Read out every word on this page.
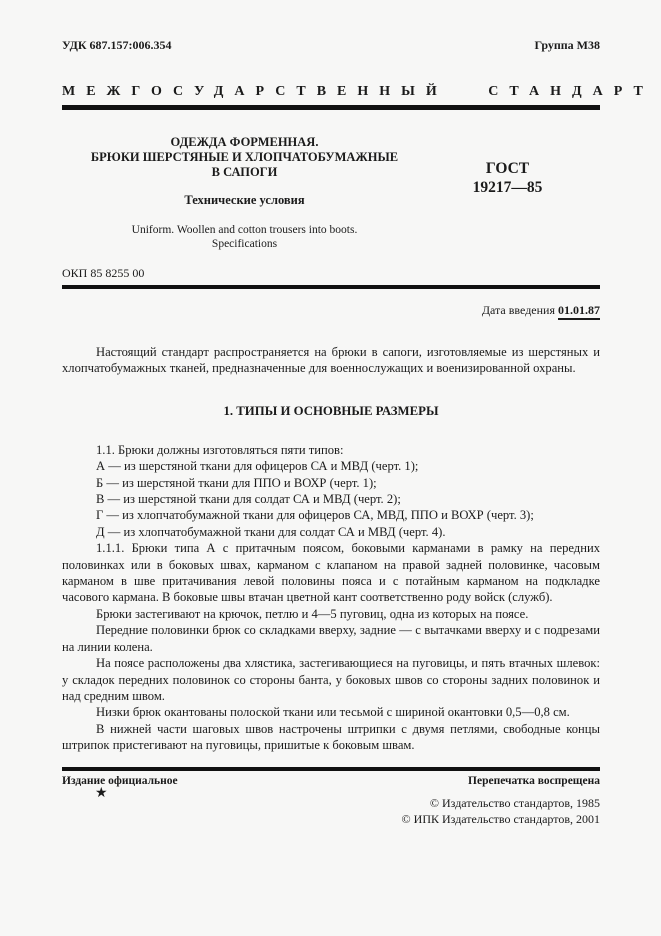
УДК 687.157:006.354	Группа М38
МЕЖГОСУДАРСТВЕННЫЙ СТАНДАРТ
ОДЕЖДА ФОРМЕННАЯ.
БРЮКИ ШЕРСТЯНЫЕ И ХЛОПЧАТОБУМАЖНЫЕ
В САПОГИ
Технические условия
Uniform. Woollen and cotton trousers into boots.
Specifications
ГОСТ
19217—85
ОКП 85 8255 00
Дата введения 01.01.87

Настоящий стандарт распространяется на брюки в сапоги, изготовляемые из шерстяных и хлопчатобумажных тканей, предназначенные для военнослужащих и военизированной охраны.

1. ТИПЫ И ОСНОВНЫЕ РАЗМЕРЫ

1.1. Брюки должны изготовляться пяти типов:

А — из шерстяной ткани для офицеров СА и МВД (черт. 1);

Б — из шерстяной ткани для ППО и ВОХР (черт. 1);

В — из шерстяной ткани для солдат СА и МВД (черт. 2);

Г — из хлопчатобумажной ткани для офицеров СА, МВД, ППО и ВОХР (черт. 3);

Д — из хлопчатобумажной ткани для солдат СА и МВД (черт. 4).

1.1.1. Брюки типа А с притачным поясом, боковыми карманами в рамку на передних половинках или в боковых швах, карманом с клапаном на правой задней половинке, часовым карманом в шве притачивания левой половины пояса и с потайным карманом на подкладке часового кармана. В боковые швы втачан цветной кант соответственно роду войск (служб).

Брюки застегивают на крючок, петлю и 4—5 пуговиц, одна из которых на поясе.

Передние половинки брюк со складками вверху, задние — с вытачками вверху и с подрезами на линии колена.

На поясе расположены два хлястика, застегивающиеся на пуговицы, и пять втачных шлевок: у складок передних половинок со стороны банта, у боковых швов со стороны задних половинок и над средним швом.

Низки брюк окантованы полоской ткани или тесьмой с шириной окантовки 0,5—0,8 см.

В нижней части шаговых швов настрочены штрипки с двумя петлями, свободные концы штрипок пристегивают на пуговицы, пришитые к боковым швам.

Издание официальное	Перепечатка воспрещена
★
© Издательство стандартов, 1985
© ИПК Издательство стандартов, 2001
